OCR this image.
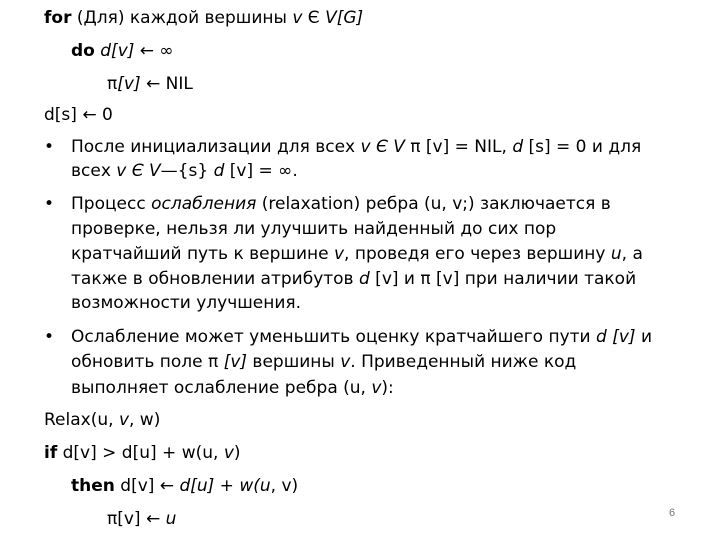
for (Для) каждой вершины v Є V[G]
do d[v] ← ∞
π[v] ← NIL
d[s] ← 0
• После инициализации для всех v Є V π [v] = NIL, d [s] = 0 и для
всех v Є V—{s} d [v] = ∞.
• Процесс ослабления (relaxation) ребра (u, v;) заключается в
проверке, нельзя ли улучшить найденный до сих пор
кратчайший путь к вершине v, проведя его через вершину u, а
также в обновлении атрибутов d [v] и π [v] при наличии такой
возможности улучшения.
• Ослабление может уменьшить оценку кратчайшего пути d [v] и
обновить поле π [v] вершины v. Приведенный ниже код
выполняет ослабление ребра (u, v):
Relax(u, v, w)
if d[v] > d[u] + w(u, v)
then d[v] ← d[u] + w(u, v)
π[v] ← u	6
